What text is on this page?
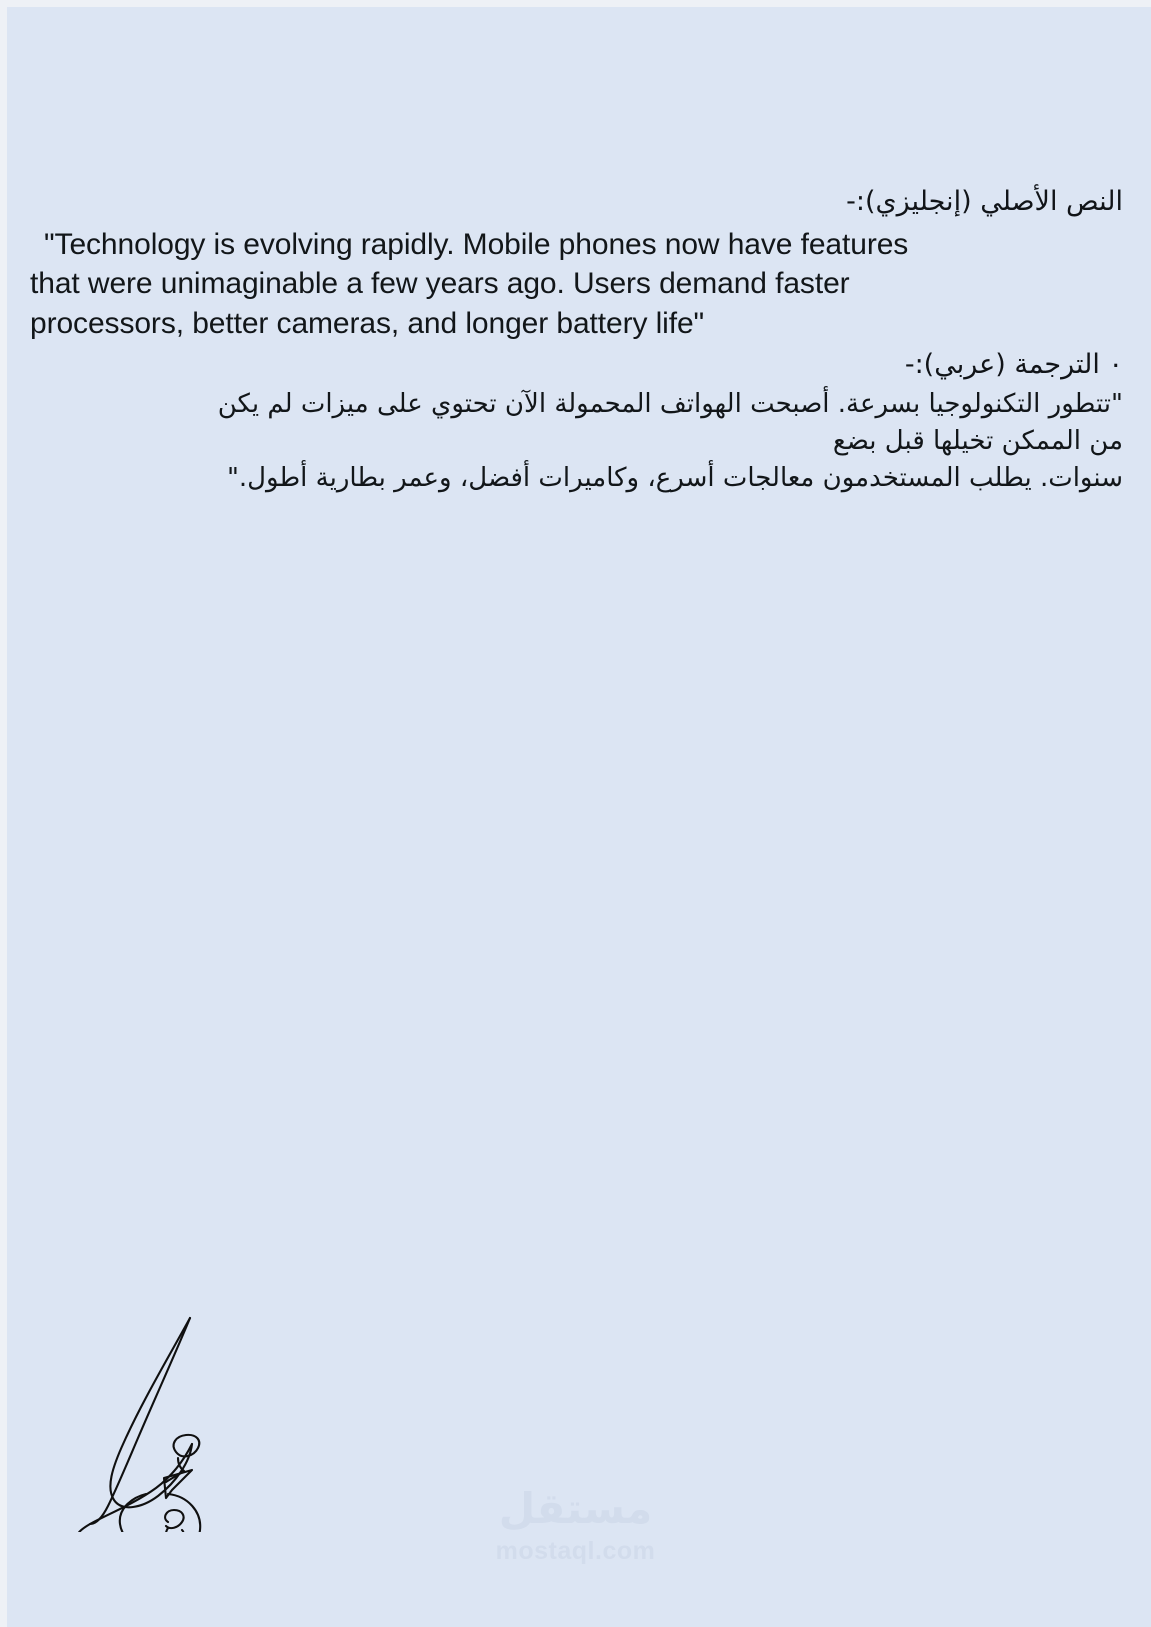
النص الأصلي (إنجليزي):-
"Technology is evolving rapidly. Mobile phones now have features
that were unimaginable a few years ago. Users demand faster
processors, better cameras, and longer battery life"
٠ الترجمة (عربي):-
"تتطور التكنولوجيا بسرعة. أصبحت الهواتف المحمولة الآن تحتوي على ميزات لم يكن
من الممكن تخيلها قبل بضع
سنوات. يطلب المستخدمون معالجات أسرع، وكاميرات أفضل، وعمر بطارية أطول."
مستقل
mostaql.com
